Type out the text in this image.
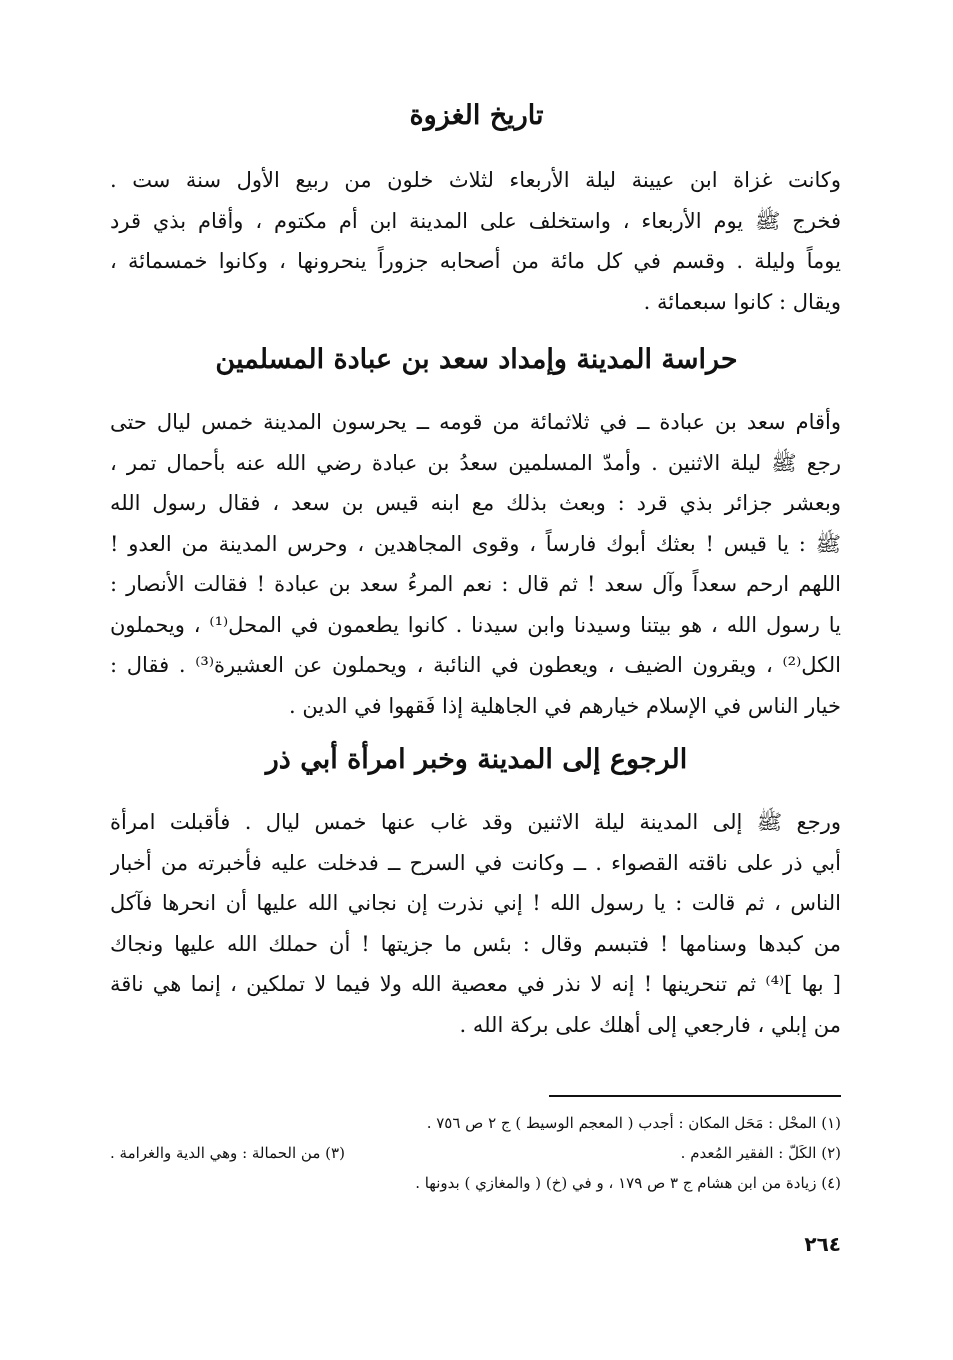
تاريخ الغزوة
وكانت غزاة ابن عيينة ليلة الأربعاء لثلاث خلون من ربيع الأول سنة ست .
فخرج ﷺ يوم الأربعاء ، واستخلف على المدينة ابن أم مكتوم ، وأقام بذي قرد
يوماً وليلة . وقسم في كل مائة من أصحابه جزوراً ينحرونها ، وكانوا خمسمائة ،
ويقال : كانوا سبعمائة .
حراسة المدينة وإمداد سعد بن عبادة المسلمين
وأقام سعد بن عبادة ــ في ثلاثمائة من قومه ــ يحرسون المدينة خمس ليال حتى
رجع ﷺ ليلة الاثنين . وأمدّ المسلمين سعدُ بن عبادة رضي الله عنه بأحمال تمر ،
وبعشر جزائر بذي قرد : وبعث بذلك مع ابنه قيس بن سعد ، فقال رسول الله
ﷺ : يا قيس ! بعثك أبوك فارساً ، وقوى المجاهدين ، وحرس المدينة من العدو !
اللهم ارحم سعداً وآل سعد ! ثم قال : نعم المرءُ سعد بن عبادة ! فقالت الأنصار :
يا رسول الله ، هو بيتنا وسيدنا وابن سيدنا . كانوا يطعمون في المحل⁽¹⁾ ، ويحملون
الكل⁽²⁾ ، ويقرون الضيف ، ويعطون في النائبة ، ويحملون عن العشيرة⁽³⁾ . فقال :
خيار الناس في الإسلام خيارهم في الجاهلية إذا فَقهوا في الدين .
الرجوع إلى المدينة وخبر امرأة أبي ذر
ورجع ﷺ إلى المدينة ليلة الاثنين وقد غاب عنها خمس ليال . فأقبلت امرأة
أبي ذر على ناقته القصواء . ــ وكانت في السرح ــ فدخلت عليه فأخبرته من أخبار
الناس ، ثم قالت : يا رسول الله ! إني نذرت إن نجاني الله عليها أن انحرها فآكل
من كبدها وسنامها ! فتبسم وقال : بئس ما جزيتها ! أن حملك الله عليها ونجاك
[ بها ]⁽⁴⁾ ثم تنحرينها ! إنه لا نذر في معصية الله ولا فيما لا تملكين ، إنما هي ناقة
من إبلي ، فارجعي إلى أهلك على بركة الله .
(١) المحْل : مَحَل المكان : أجدب ( المعجم الوسيط ) ج ٢ ص ٧٥٦ .
(٢) الكَلّ : الفقير المُعدم .
(٣) من الحمالة : وهي الدية والغرامة .
(٤) زيادة من ابن هشام ج ٣ ص ١٧٩ ، و في (خ) ( والمغازي ) بدونها .
٢٦٤
